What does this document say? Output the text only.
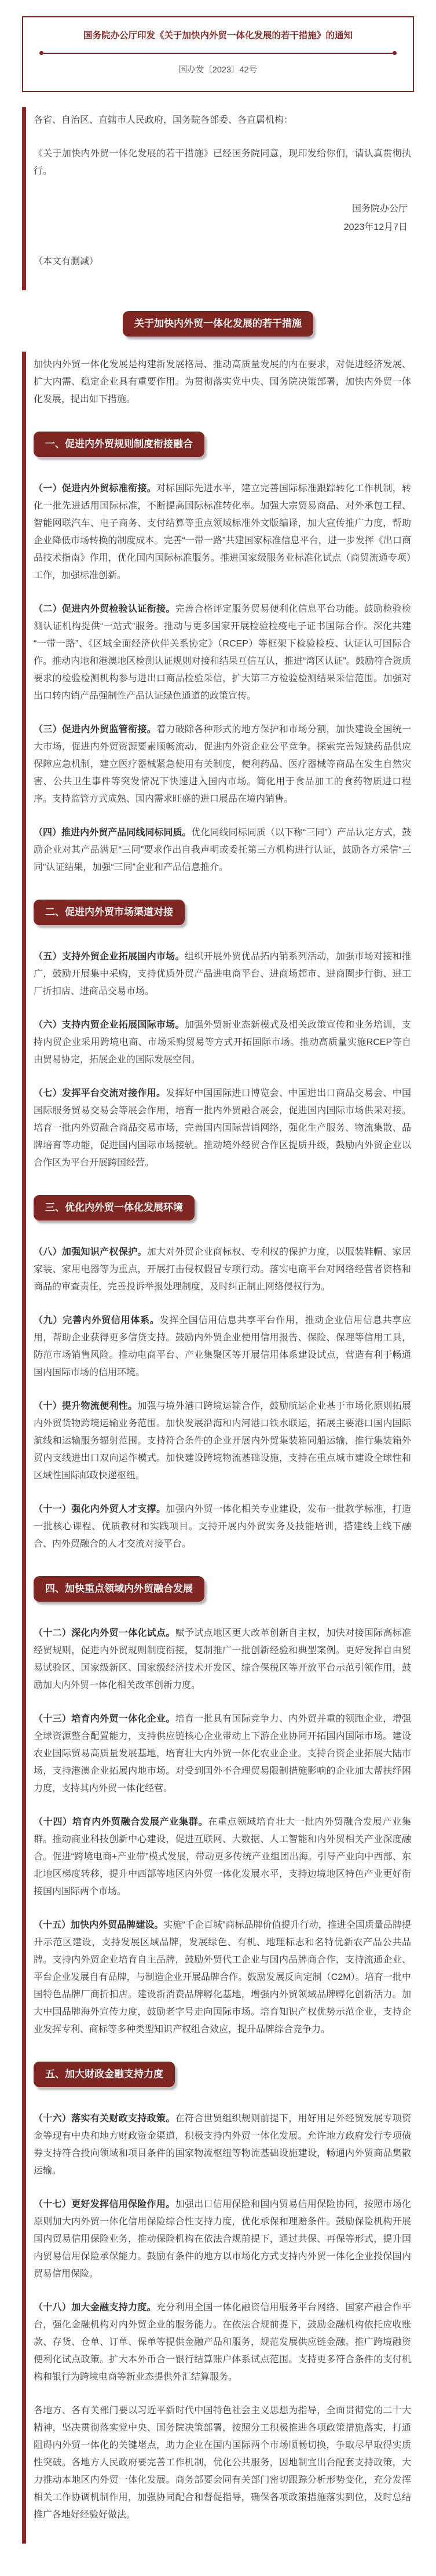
国务院办公厅印发《关于加快内外贸一体化发展的若干措施》的通知
国办发〔2023〕42号

各省、自治区、直辖市人民政府，国务院各部委、各直属机构：

《关于加快内外贸一体化发展的若干措施》已经国务院同意，现印发给你们，请认真贯彻执行。

国务院办公厅
2023年12月7日

（本文有删减）

关于加快内外贸一体化发展的若干措施

加快内外贸一体化发展是构建新发展格局、推动高质量发展的内在要求，对促进经济发展、扩大内需、稳定企业具有重要作用。为贯彻落实党中央、国务院决策部署，加快内外贸一体化发展，提出如下措施。

一、促进内外贸规则制度衔接融合

（一）促进内外贸标准衔接。对标国际先进水平，建立完善国际标准跟踪转化工作机制，转化一批先进适用国际标准，不断提高国际标准转化率。加强大宗贸易商品、对外承包工程、智能网联汽车、电子商务、支付结算等重点领域标准外文版编译，加大宣传推广力度，帮助企业降低市场转换的制度成本。完善“一带一路”共建国家标准信息平台，进一步发挥《出口商品技术指南》作用，优化国内国际标准服务。推进国家级服务业标准化试点（商贸流通专项）工作，加强标准创新。

（二）促进内外贸检验认证衔接。完善合格评定服务贸易便利化信息平台功能。鼓励检验检测认证机构提供“一站式”服务。推动与更多国家开展检验检疫电子证书国际合作。深化共建“一带一路”、《区域全面经济伙伴关系协定》（RCEP）等框架下检验检疫、认证认可国际合作。推动内地和港澳地区检测认证规则对接和结果互信互认，推进“湾区认证”。鼓励符合资质要求的检验检测机构参与进出口商品检验采信，扩大第三方检验检测结果采信范围。加强对出口转内销产品强制性产品认证绿色通道的政策宣传。

（三）促进内外贸监管衔接。着力破除各种形式的地方保护和市场分割，加快建设全国统一大市场，促进内外贸资源要素顺畅流动，促进内外资企业公平竞争。探索完善短缺药品供应保障应急机制，建立医疗器械紧急使用有关制度，便利药品、医疗器械等商品在发生自然灾害、公共卫生事件等突发情况下快速进入国内市场。简化用于食品加工的食药物质进口程序。支持监管方式成熟、国内需求旺盛的进口展品在境内销售。

（四）推进内外贸产品同线同标同质。优化同线同标同质（以下称“三同”）产品认定方式，鼓励企业对其产品满足“三同”要求作出自我声明或委托第三方机构进行认证，鼓励各方采信“三同”认证结果，加强“三同”企业和产品信息推介。

二、促进内外贸市场渠道对接

（五）支持外贸企业拓展国内市场。组织开展外贸优品拓内销系列活动，加强市场对接和推广，鼓励开展集中采购，支持优质外贸产品进电商平台、进商场超市、进商圈步行街、进工厂折扣店、进商品交易市场。

（六）支持内贸企业拓展国际市场。加强外贸新业态新模式及相关政策宣传和业务培训，支持内贸企业采用跨境电商、市场采购贸易等方式开拓国际市场。推动高质量实施RCEP等自由贸易协定，拓展企业的国际发展空间。

（七）发挥平台交流对接作用。发挥好中国国际进口博览会、中国进出口商品交易会、中国国际服务贸易交易会等展会作用，培育一批内外贸融合展会，促进国内国际市场供采对接。培育一批内外贸融合商品交易市场，完善国内国际营销网络，强化生产服务、物流集散、品牌培育等功能，促进国内国际市场接轨。推动境外经贸合作区提质升级，鼓励内外贸企业以合作区为平台开展跨国经营。

三、优化内外贸一体化发展环境

（八）加强知识产权保护。加大对外贸企业商标权、专利权的保护力度，以服装鞋帽、家居家装、家用电器等为重点，开展打击侵权假冒专项行动。落实电商平台对网络经营者资格和商品的审查责任，完善投诉举报处理制度，及时纠正制止网络侵权行为。

（九）完善内外贸信用体系。发挥全国信用信息共享平台作用，推动企业信用信息共享应用，帮助企业获得更多信贷支持。鼓励内外贸企业使用信用报告、保险、保理等信用工具，防范市场销售风险。推动电商平台、产业集聚区等开展信用体系建设试点，营造有利于畅通国内国际市场的信用环境。

（十）提升物流便利性。加强与境外港口跨境运输合作，鼓励航运企业基于市场化原则拓展内外贸货物跨境运输业务范围。加快发展沿海和内河港口铁水联运，拓展主要港口国内国际航线和运输服务辐射范围。支持符合条件的企业开展内外贸集装箱同船运输，推行集装箱外贸内支线进出口双向运作模式。加快建设跨境物流基础设施，支持在重点城市建设全球性和区域性国际邮政快递枢纽。

（十一）强化内外贸人才支撑。加强内外贸一体化相关专业建设，发布一批教学标准，打造一批核心课程、优质教材和实践项目。支持开展内外贸实务及技能培训，搭建线上线下融合、内外贸融合的人才交流对接平台。

四、加快重点领域内外贸融合发展

（十二）深化内外贸一体化试点。赋予试点地区更大改革创新自主权，加快对接国际高标准经贸规则，促进内外贸规则制度衔接，复制推广一批创新经验和典型案例。更好发挥自由贸易试验区、国家级新区、国家级经济技术开发区、综合保税区等开放平台示范引领作用，鼓励加大内外贸一体化相关改革创新力度。

（十三）培育内外贸一体化企业。培育一批具有国际竞争力、内外贸并重的领跑企业，增强全球资源整合配置能力，支持供应链核心企业带动上下游企业协同开拓国内国际市场。建设农业国际贸易高质量发展基地，培育壮大内外贸一体化农业企业。支持台资企业拓展大陆市场，支持港澳企业拓展内地市场。对受到国外不合理贸易限制措施影响的企业加大帮扶纾困力度，支持其内外贸一体化经营。

（十四）培育内外贸融合发展产业集群。在重点领域培育壮大一批内外贸融合发展产业集群。推动商业科技创新中心建设，促进互联网、大数据、人工智能和内外贸相关产业深度融合。促进“跨境电商+产业带”模式发展，带动更多传统产业组团出海。引导产业向中西部、东北地区梯度转移，提升中西部等地区内外贸一体化发展水平，支持边境地区特色产业更好衔接国内国际两个市场。

（十五）加快内外贸品牌建设。实施“千企百城”商标品牌价值提升行动，推进全国质量品牌提升示范区建设，支持发展区域品牌，发展绿色、有机、地理标志和名特优新农产品公共品牌。支持内外贸企业培育自主品牌，鼓励外贸代工企业与国内品牌商合作，支持流通企业、平台企业发展自有品牌，与制造企业开展品牌合作。鼓励发展反向定制（C2M）。培育一批中国特色品牌厂商折扣店。建设新消费品牌孵化基地，增强内外贸领域品牌孵化创新活力。加大中国品牌海外宣传力度，鼓励老字号走向国际市场。培育知识产权优势示范企业，支持企业发挥专利、商标等多种类型知识产权组合效应，提升品牌综合竞争力。

五、加大财政金融支持力度

（十六）落实有关财政支持政策。在符合世贸组织规则前提下，用好用足外经贸发展专项资金等现有中央和地方财政资金渠道，积极支持内外贸一体化发展。允许地方政府发行专项债券支持符合投向领域和项目条件的国家物流枢纽等物流基础设施建设，畅通内外贸商品集散运输。

（十七）更好发挥信用保险作用。加强出口信用保险和国内贸易信用保险协同，按照市场化原则加大内外贸一体化信用保险综合性支持力度，优化承保和理赔条件。鼓励保险机构开展国内贸易信用保险业务，推动保险机构在依法合规前提下，通过共保、再保等形式，提升国内贸易信用保险承保能力。鼓励有条件的地方以市场化方式支持内外贸一体化企业投保国内贸易信用保险。

（十八）加大金融支持力度。充分利用全国一体化融资信用服务平台网络、国家产融合作平台，强化金融机构对内外贸企业的服务能力。在依法合规前提下，鼓励金融机构依托应收账款、存货、仓单、订单、保单等提供金融产品和服务，规范发展供应链金融。推广跨境融资便利化试点政策。扩大本外币合一银行结算账户体系试点范围。支持更多符合条件的支付机构和银行为跨境电商等新业态提供外汇结算服务。

各地方、各有关部门要以习近平新时代中国特色社会主义思想为指导，全面贯彻党的二十大精神，坚决贯彻落实党中央、国务院决策部署，按照分工积极推进各项政策措施落实，打通阻碍内外贸一体化的关键堵点，助力企业在国内国际两个市场顺畅切换，争取尽早取得实质性突破。各地方人民政府要完善工作机制，优化公共服务，因地制宜出台配套支持政策，大力推动本地区内外贸一体化发展。商务部要会同有关部门密切跟踪分析形势变化，充分发挥相关工作协调机制作用，加强协同配合和督促指导，确保各项政策措施落实到位，及时总结推广各地好经验好做法。
